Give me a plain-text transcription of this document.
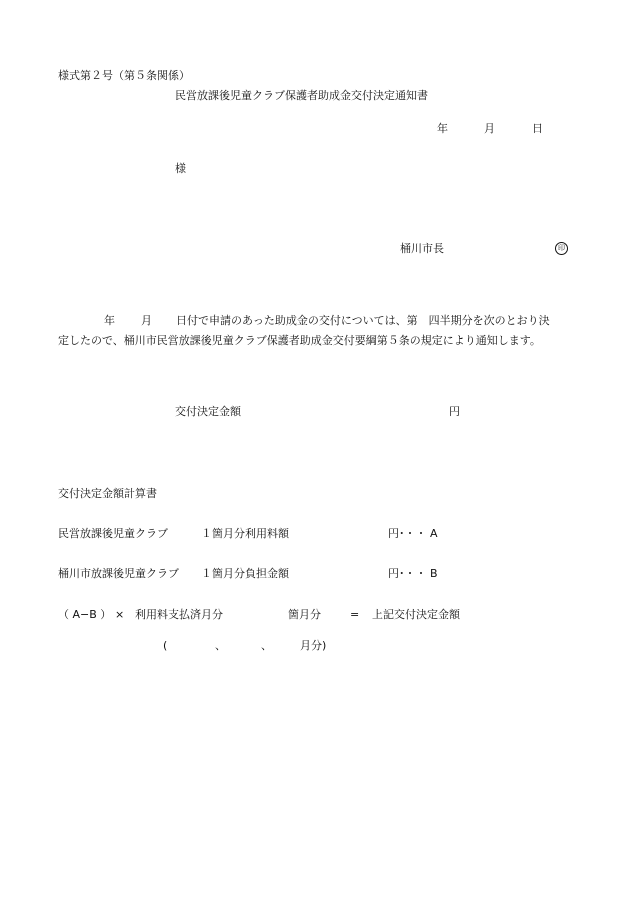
様式第２号（第５条関係）
民営放課後児童クラブ保護者助成金交付決定通知書
年	月	日
様
桶川市長	印
年 月 日付で申請のあった助成金の交付については、第　四半期分を次のとおり決
定したので、桶川市民営放課後児童クラブ保護者助成金交付要綱第５条の規定により通知します。
交付決定金額	円
交付決定金額計算書
民営放課後児童クラブ	１箇月分利用料額	円･・・ A
桶川市放課後児童クラブ １箇月分負担金額	円･・・ B
（ A−B ） × 利用料支払済月分	箇月分	= 上記交付決定金額
(	、	、	月分)
